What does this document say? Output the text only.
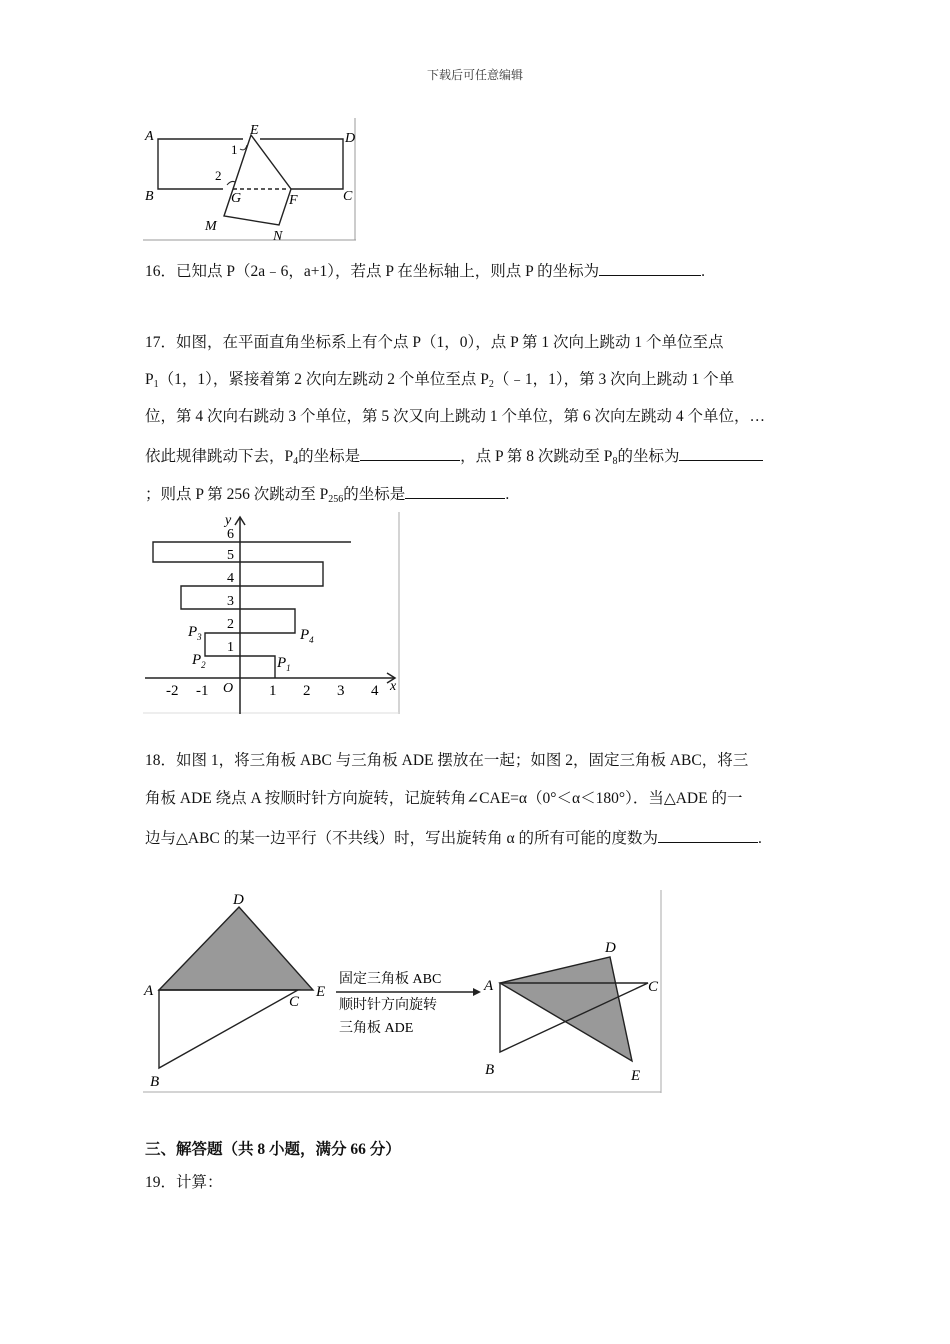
下载后可任意编辑
A
B	C
D
E
F
G
M
N
1
2
16．已知点 P（2a﹣6，a+1），若点 P 在坐标轴上，则点 P 的坐标为	.
17．如图，在平面直角坐标系上有个点 P（1，0），点 P 第 1 次向上跳动 1 个单位至点
$P_1(1$，1），紧接着第 2 次向左跳动 2 个单位至点 $P_2(﹣1$，1），第 3 次向上跳动 1 个单
位，第 4 次向右跳动 3 个单位，第 5 次又向上跳动 1 个单位，第 6 次向左跳动 4 个单位，…
依此规律跳动下去，$P_4$的坐标是	，点 P 第 8 次跳动至 $P_8$的坐标为
；则点 P 第 256 次跳动至 $P_{256}$的坐标是	.
-2 -1	1 2 3 4
O	x
y
1
2
3
4
5
6
$P_1$
$P_2$
$P_3$	$P_4$
18．如图 1，将三角板 ABC 与三角板 ADE 摆放在一起；如图 2，固定三角板 ABC，将三
角板 ADE 绕点 A 按顺时针方向旋转，记旋转角∠CAE=α（0°＜α＜180°）．当△ADE 的一
边与△ABC 的某一边平行（不共线）时，写出旋转角 α 的所有可能的度数为	.
D
A
C
E
B
固定三角板 ABC
顺时针方向旋转
三角板 ADE
D
A	C
E
B
三、解答题（共 8 小题，满分 66 分）
19．计算：
